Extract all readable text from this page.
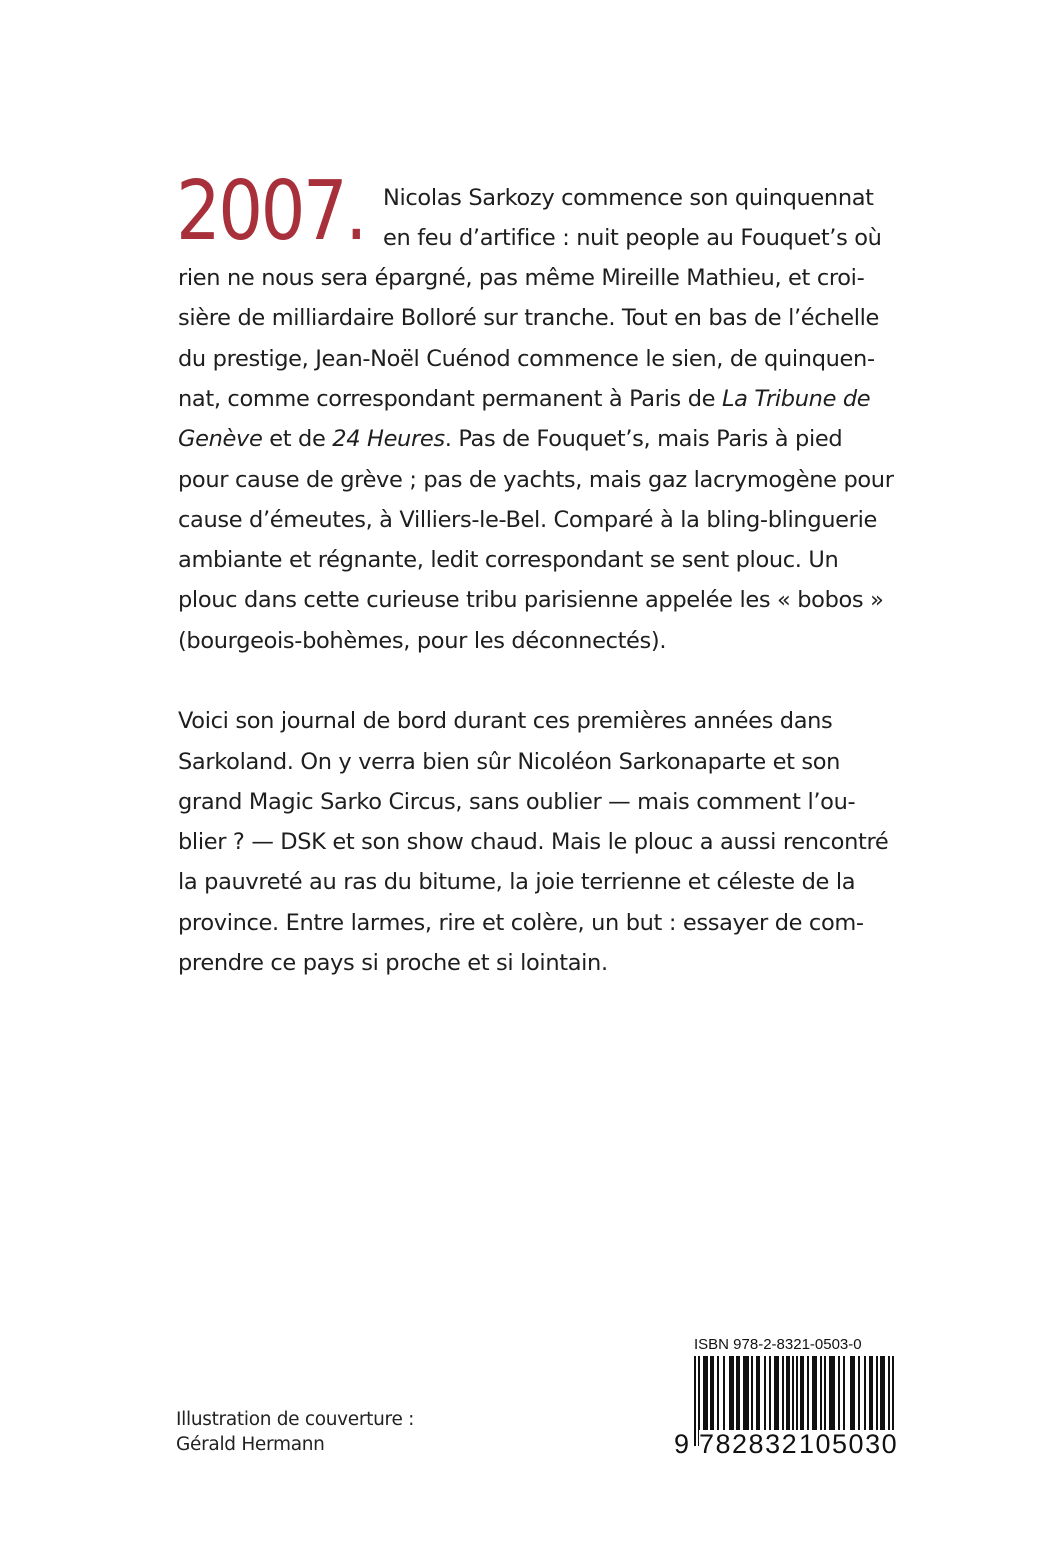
2007. Nicolas Sarkozy commence son quinquennat
en feu d’artifice : nuit people au Fouquet’s où
rien ne nous sera épargné, pas même Mireille Mathieu, et croi-
sière de milliardaire Bolloré sur tranche. Tout en bas de l’échelle
du prestige, Jean-Noël Cuénod commence le sien, de quinquen-
nat, comme correspondant permanent à Paris de La Tribune de
Genève et de 24 Heures. Pas de Fouquet’s, mais Paris à pied
pour cause de grève ; pas de yachts, mais gaz lacrymogène pour
cause d’émeutes, à Villiers-le-Bel. Comparé à la bling-blinguerie
ambiante et régnante, ledit correspondant se sent plouc. Un
plouc dans cette curieuse tribu parisienne appelée les « bobos »
(bourgeois-bohèmes, pour les déconnectés).
Voici son journal de bord durant ces premières années dans
Sarkoland. On y verra bien sûr Nicoléon Sarkonaparte et son
grand Magic Sarko Circus, sans oublier — mais comment l’ou-
blier ? — DSK et son show chaud. Mais le plouc a aussi rencontré
la pauvreté au ras du bitume, la joie terrienne et céleste de la
province. Entre larmes, rire et colère, un but : essayer de com-
prendre ce pays si proche et si lointain.
Illustration de couverture :
Gérald Hermann
ISBN 978-2-8321-0503-0
9 782832 105030
